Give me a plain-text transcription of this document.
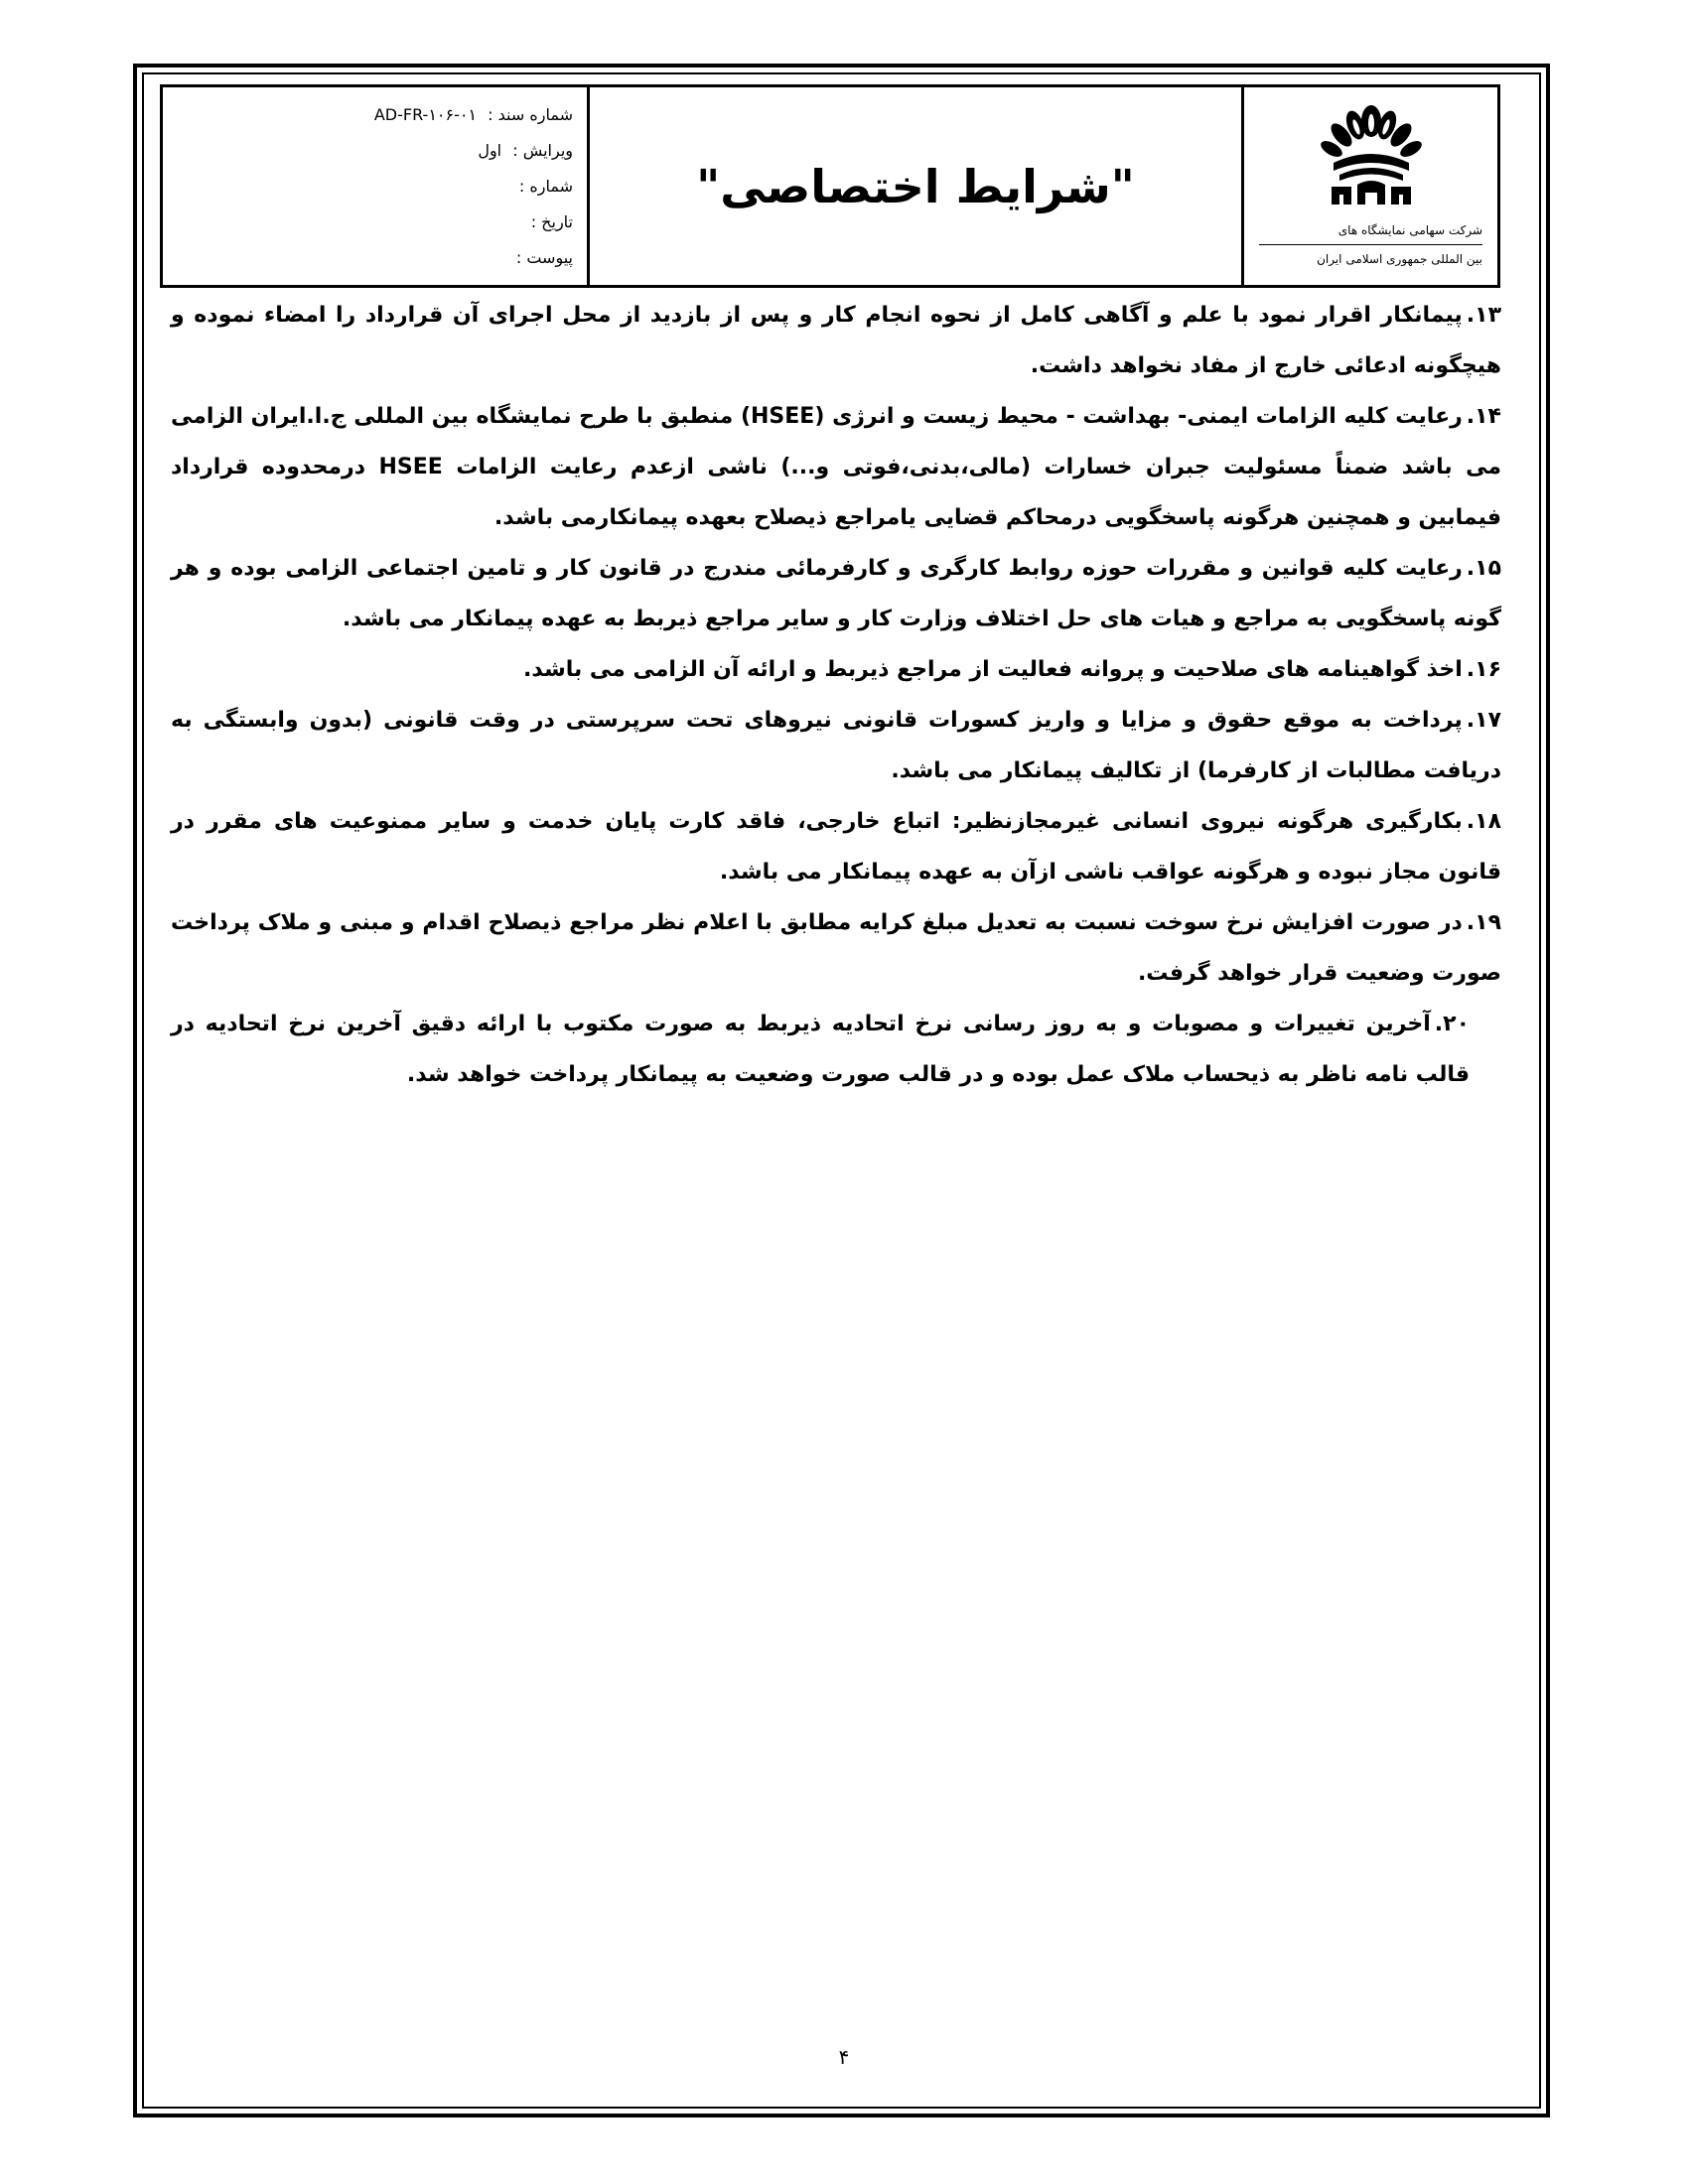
شماره سند : AD-FR-۱۰۶-۰۱
ویرایش : اول
شماره :
تاریخ :
پیوست :
"شرایط اختصاصی"
شرکت سهامی نمایشگاه های
بین المللی جمهوری اسلامی ایران

۱۳.پیمانکار اقرار نمود با علم و آگاهی کامل از نحوه انجام کار و پس از بازدید از محل اجرای آن قرارداد را امضاء نموده و هیچگونه ادعائی خارج از مفاد نخواهد داشت.

۱۴.رعایت کلیه الزامات ایمنی- بهداشت - محیط زیست و انرژی (HSEE) منطبق با طرح نمایشگاه بین المللی ج.ا.ایران الزامی می باشد ضمناً مسئولیت جبران خسارات (مالی،بدنی،فوتی و...) ناشی ازعدم رعایت الزامات HSEE درمحدوده قرارداد فیمابین و همچنین هرگونه پاسخگویی درمحاکم قضایی یامراجع ذیصلاح بعهده پیمانکارمی باشد.

۱۵.رعایت کلیه قوانین و مقررات حوزه روابط کارگری و کارفرمائی مندرج در قانون کار و تامین اجتماعی الزامی بوده و هر گونه پاسخگویی به مراجع و هیات های حل اختلاف وزارت کار و سایر مراجع ذیربط به عهده پیمانکار می باشد.

۱۶.اخذ گواهینامه های صلاحیت و پروانه فعالیت از مراجع ذیربط و ارائه آن الزامی می باشد.

۱۷.پرداخت به موقع حقوق و مزایا و واریز کسورات قانونی نیروهای تحت سرپرستی در وقت قانونی (بدون وابستگی به دریافت مطالبات از کارفرما) از تکالیف پیمانکار می باشد.

۱۸.بکارگیری هرگونه نیروی انسانی غیرمجازنظیر: اتباع خارجی، فاقد کارت پایان خدمت و سایر ممنوعیت های مقرر در قانون مجاز نبوده و هرگونه عواقب ناشی ازآن به عهده پیمانکار می باشد.

۱۹.در صورت افزایش نرخ سوخت نسبت به تعدیل مبلغ کرایه مطابق با اعلام نظر مراجع ذیصلاح اقدام و مبنی و ملاک پرداخت صورت وضعیت قرار خواهد گرفت.

۲۰.آخرین تغییرات و مصوبات و به روز رسانی نرخ اتحادیه ذیربط به صورت مکتوب با ارائه دقیق آخرین نرخ اتحادیه در قالب نامه ناظر به ذیحساب ملاک عمل بوده و در قالب صورت وضعیت به پیمانکار پرداخت خواهد شد.

۴
